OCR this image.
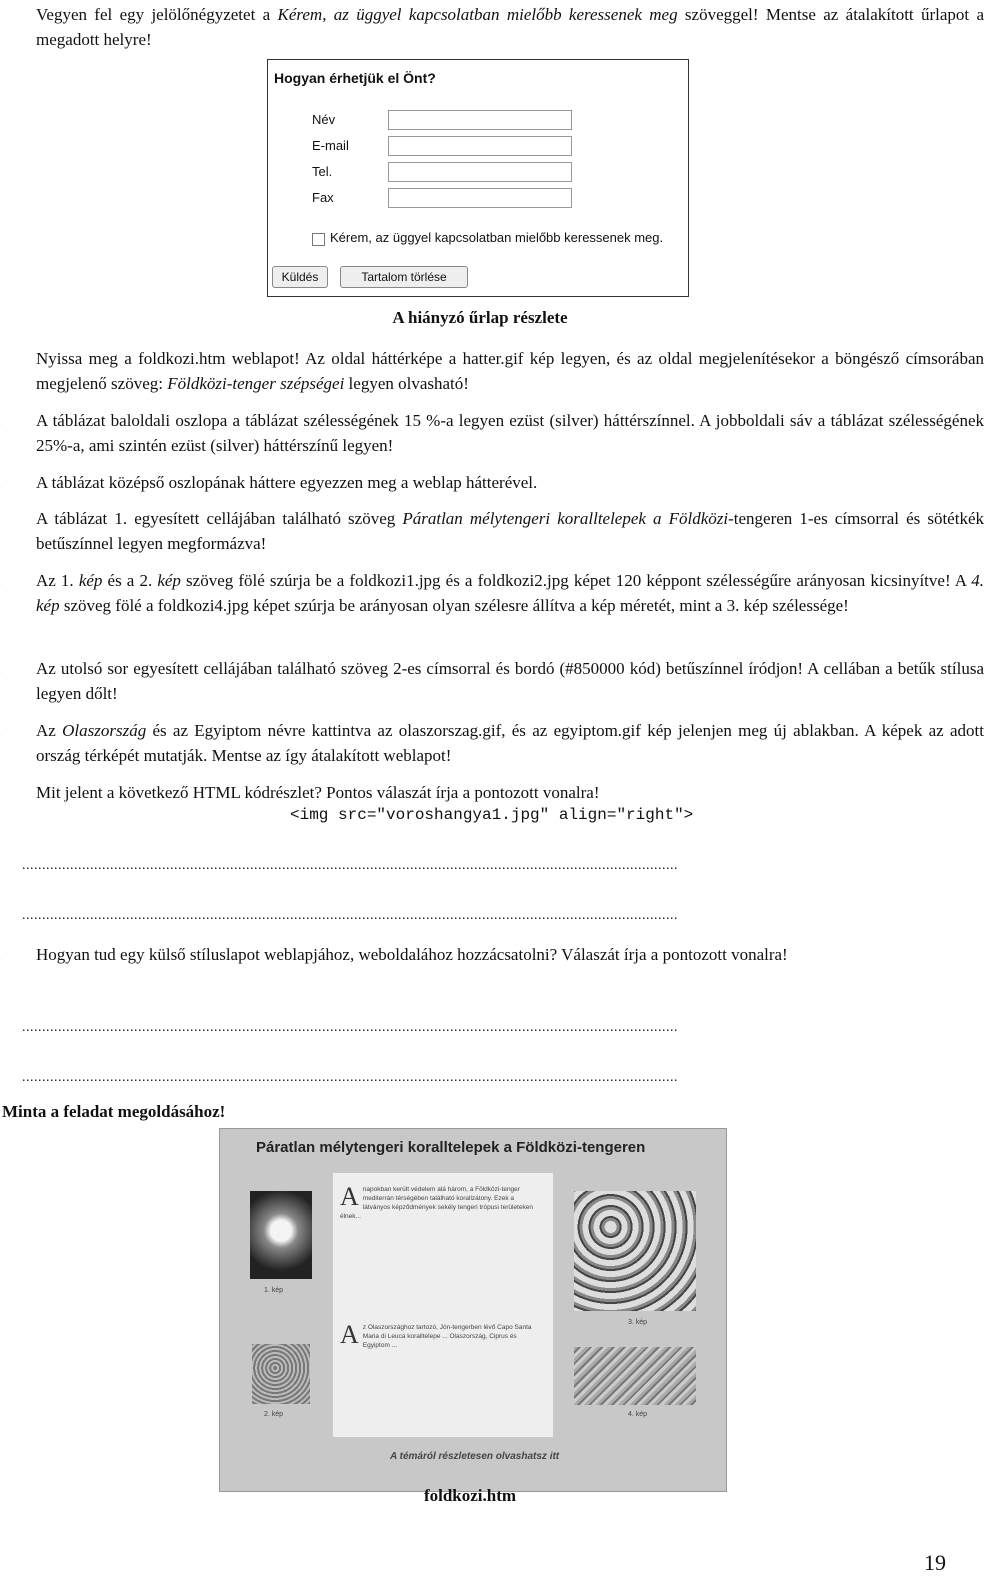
Vegyen fel egy jelölőnégyzetet a Kérem, az üggyel kapcsolatban mielőbb keressenek meg szöveggel! Mentse az átalakított űrlapot a megadott helyre!
Hogyan érhetjük el Önt?
Név
E-mail
Tel.
Fax
Kérem, az üggyel kapcsolatban mielőbb keressenek meg.
Küldés	Tartalom törlése
A hiányzó űrlap részlete
Nyissa meg a foldkozi.htm weblapot! Az oldal háttérképe a hatter.gif kép legyen, és az oldal megjelenítésekor a böngésző címsorában megjelenő szöveg: Földközi-tenger szépségei legyen olvasható!
A táblázat baloldali oszlopa a táblázat szélességének 15 %-a legyen ezüst (silver) háttérszínnel. A jobboldali sáv a táblázat szélességének 25%-a, ami szintén ezüst (silver) háttérszínű legyen!
A táblázat középső oszlopának háttere egyezzen meg a weblap hátterével.
A táblázat 1. egyesített cellájában található szöveg Páratlan mélytengeri koralltelepek a Földközi-tengeren 1-es címsorral és sötétkék betűszínnel legyen megformázva!
Az 1. kép és a 2. kép szöveg fölé szúrja be a foldkozi1.jpg és a foldkozi2.jpg képet 120 képpont szélességűre arányosan kicsinyítve! A 4. kép szöveg fölé a foldkozi4.jpg képet szúrja be arányosan olyan szélesre állítva a kép méretét, mint a 3. kép szélessége!
Az utolsó sor egyesített cellájában található szöveg 2-es címsorral és bordó (#850000 kód) betűszínnel íródjon! A cellában a betűk stílusa legyen dőlt!
Az Olaszország és az Egyiptom névre kattintva az olaszorszag.gif, és az egyiptom.gif kép jelenjen meg új ablakban. A képek az adott ország térképét mutatják. Mentse az így átalakított weblapot!
Mit jelent a következő HTML kódrészlet? Pontos válaszát írja a pontozott vonalra!
<img src="voroshangya1.jpg" align="right">
....................................................................................................................................................................
....................................................................................................................................................................
Hogyan tud egy külső stíluslapot weblapjához, weboldalához hozzácsatolni? Válaszát írja a pontozott vonalra!
....................................................................................................................................................................
....................................................................................................................................................................
Minta a feladat megoldásához!
Páratlan mélytengeri koralltelepek a Földközi-tengeren
Anapokban került védelem alá három, a Földközi-tenger mediterrán térségében található korallzátony. Ezek a látványos képződmények sekély tengeri trópusi területeken élnek...
Az Olaszországhoz tartozó, Jón-tengerben lévő Capo Santa Maria di Leuca koralltelepe ... Olaszország, Ciprus és Egyiptom ...
1. kép
2. kép
3. kép
4. kép
A témáról részletesen olvashatsz itt
foldkozi.htm
19
